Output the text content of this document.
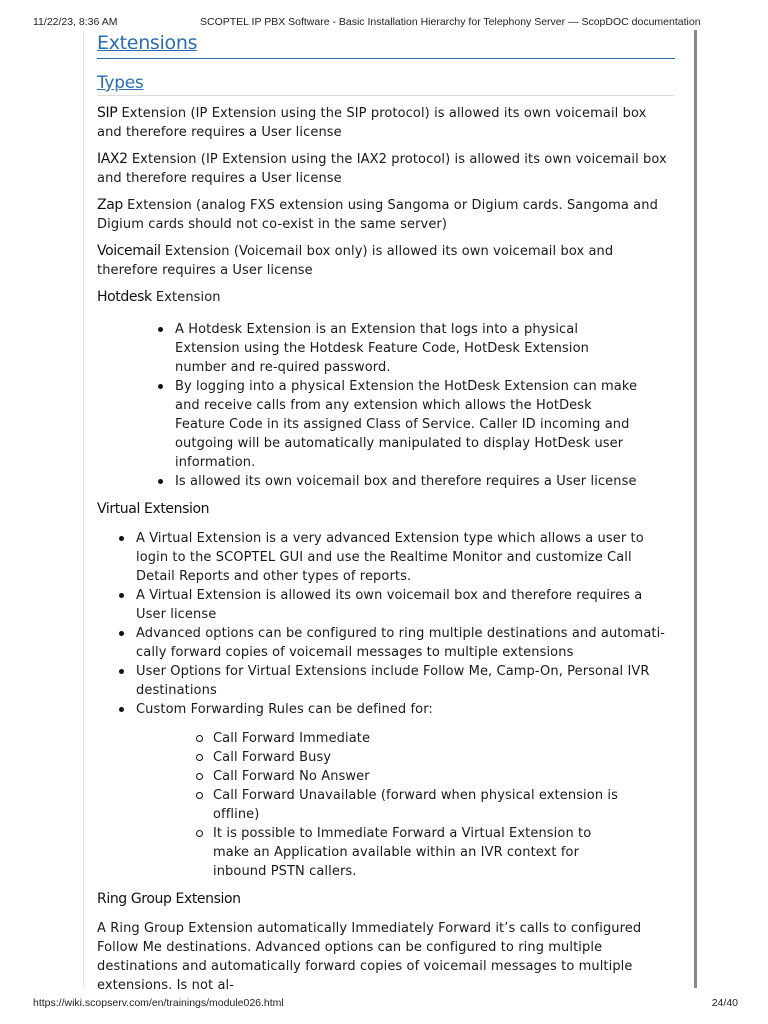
11/22/23, 8:36 AM	SCOPTEL IP PBX Software - Basic Installation Hierarchy for Telephony Server — ScopDOC documentation
Extensions
Types

SIP Extension (IP Extension using the SIP protocol) is allowed its own voicemail box and therefore requires a User license

IAX2 Extension (IP Extension using the IAX2 protocol) is allowed its own voicemail box and therefore requires a User license

Zap Extension (analog FXS extension using Sangoma or Digium cards. Sangoma and Digium cards should not co-exist in the same server)

Voicemail Extension (Voicemail box only) is allowed its own voicemail box and therefore requires a User license

Hotdesk Extension

A Hotdesk Extension is an Extension that logs into a physical Extension using the Hotdesk Feature Code, HotDesk Extension number and re-quired password.
By logging into a physical Extension the HotDesk Extension can make and receive calls from any extension which allows the HotDesk Feature Code in its assigned Class of Service. Caller ID incoming and outgoing will be automatically manipulated to display HotDesk user information.
Is allowed its own voicemail box and therefore requires a User license
Virtual Extension
A Virtual Extension is a very advanced Extension type which allows a user to login to the SCOPTEL GUI and use the Realtime Monitor and customize Call Detail Reports and other types of reports.
A Virtual Extension is allowed its own voicemail box and therefore requires a User license
Advanced options can be configured to ring multiple destinations and automati-cally forward copies of voicemail messages to multiple extensions
User Options for Virtual Extensions include Follow Me, Camp-On, Personal IVR destinations
Custom Forwarding Rules can be defined for:
Call Forward Immediate
Call Forward Busy
Call Forward No Answer
Call Forward Unavailable (forward when physical extension is offline)
It is possible to Immediate Forward a Virtual Extension to make an Application available within an IVR context for inbound PSTN callers.
Ring Group Extension

A Ring Group Extension automatically Immediately Forward it’s calls to configured Follow Me destinations. Advanced options can be configured to ring multiple destinations and automatically forward copies of voicemail messages to multiple extensions. Is not al-

https://wiki.scopserv.com/en/trainings/module026.html	24/40
